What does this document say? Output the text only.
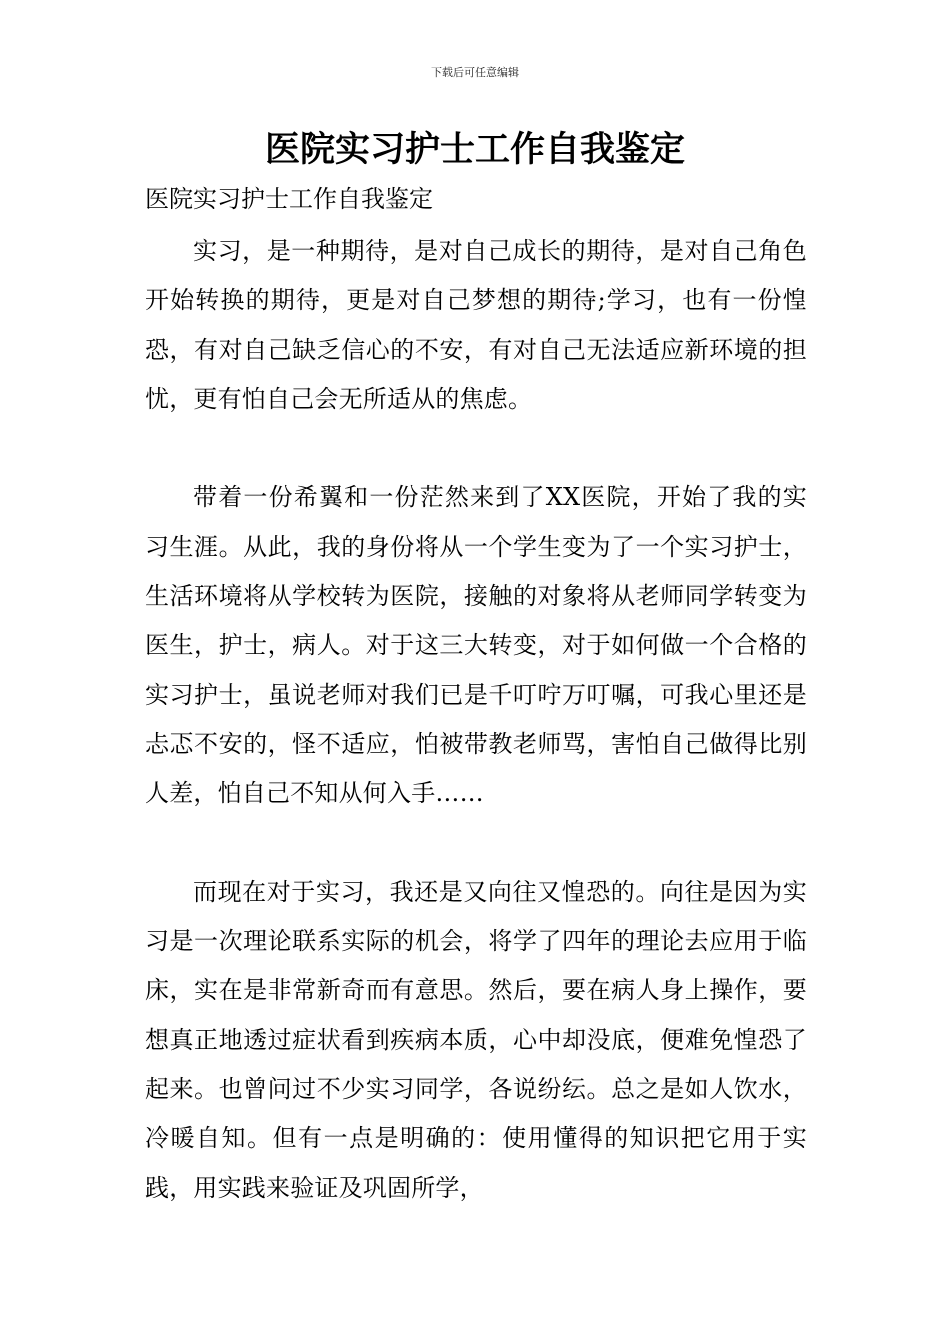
下载后可任意编辑
医院实习护士工作自我鉴定

医院实习护士工作自我鉴定

实习，是一种期待，是对自己成长的期待，是对自己角色开始转换的期待，更是对自己梦想的期待;学习，也有一份惶恐，有对自己缺乏信心的不安，有对自己无法适应新环境的担忧，更有怕自己会无所适从的焦虑。

带着一份希翼和一份茫然来到了XX医院，开始了我的实习生涯。从此，我的身份将从一个学生变为了一个实习护士，生活环境将从学校转为医院，接触的对象将从老师同学转变为医生，护士，病人。对于这三大转变，对于如何做一个合格的实习护士，虽说老师对我们已是千叮咛万叮嘱，可我心里还是忐忑不安的，怪不适应，怕被带教老师骂，害怕自己做得比别人差，怕自己不知从何入手……

而现在对于实习，我还是又向往又惶恐的。向往是因为实习是一次理论联系实际的机会，将学了四年的理论去应用于临床，实在是非常新奇而有意思。然后，要在病人身上操作，要想真正地透过症状看到疾病本质，心中却没底，便难免惶恐了起来。也曾问过不少实习同学，各说纷纭。总之是如人饮水，冷暖自知。但有一点是明确的：使用懂得的知识把它用于实践，用实践来验证及巩固所学，
